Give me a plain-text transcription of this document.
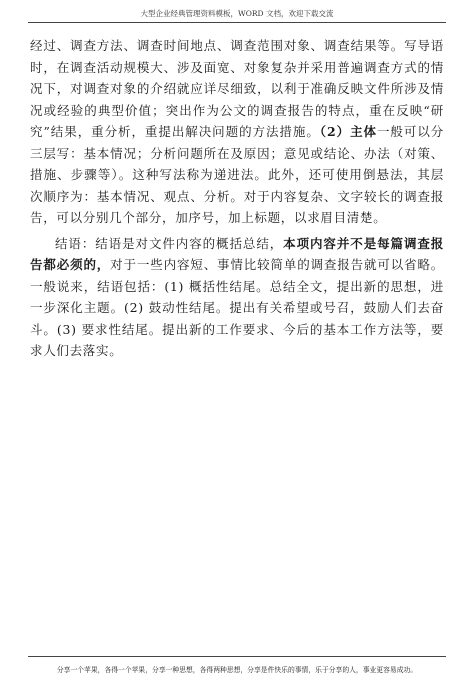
大型企业经典管理资料模板，WORD 文档，欢迎下载交流

经过、调查方法、调查时间地点、调查范围对象、调查结果等。写导语时，在调查活动规模大、涉及面宽、对象复杂并采用普遍调查方式的情况下，对调查对象的介绍就应详尽细致，以利于准确反映文件所涉及情况或经验的典型价值；突出作为公文的调查报告的特点，重在反映“研究”结果，重分析，重提出解决问题的方法措施。（2）主体一般可以分三层写：基本情况；分析问题所在及原因；意见或结论、办法（对策、措施、步骤等）。这种写法称为递进法。此外，还可使用倒悬法，其层次顺序为：基本情况、观点、分析。对于内容复杂、文字较长的调查报告，可以分别几个部分，加序号，加上标题，以求眉目清楚。

结语：结语是对文件内容的概括总结，本项内容并不是每篇调查报告都必须的，对于一些内容短、事情比较简单的调查报告就可以省略。一般说来，结语包括：(1) 概括性结尾。总结全文，提出新的思想，进一步深化主题。(2) 鼓动性结尾。提出有关希望或号召，鼓励人们去奋斗。(3) 要求性结尾。提出新的工作要求、今后的基本工作方法等，要求人们去落实。

分享一个苹果，各得一个苹果，分享一种思想，各得两种思想，分享是件快乐的事情，乐于分享的人，事业更容易成功。
